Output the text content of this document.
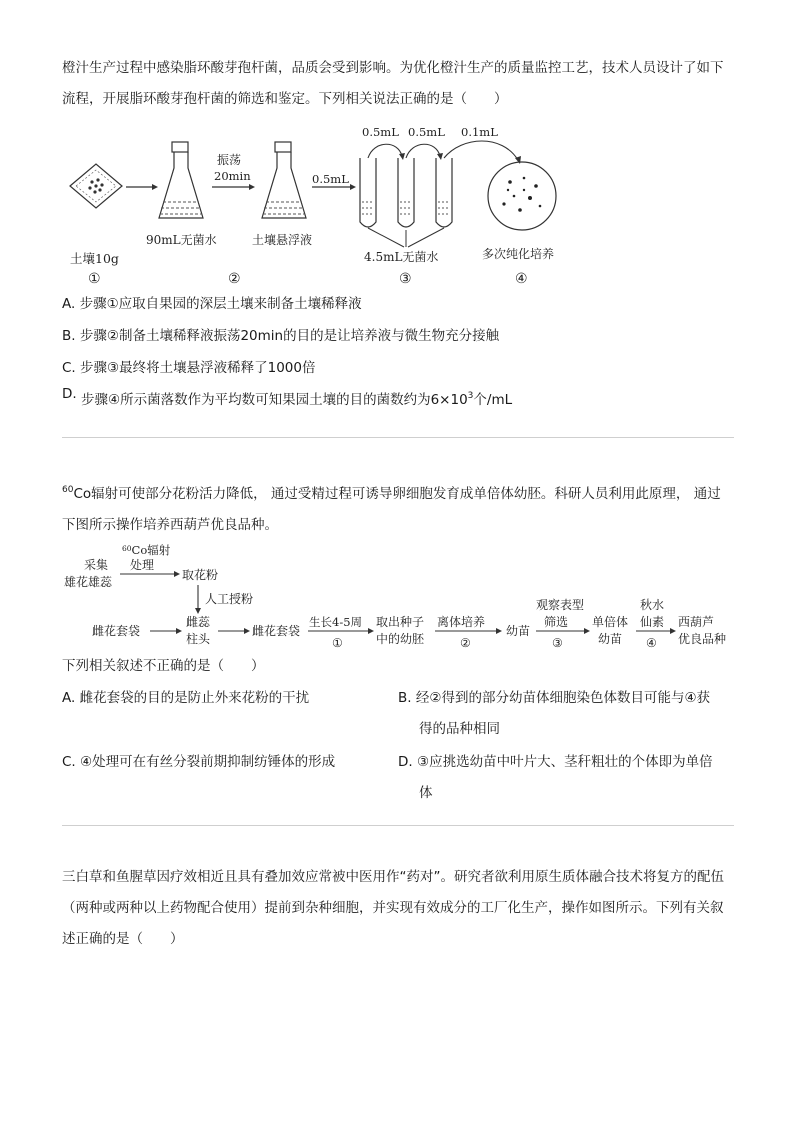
橙汁生产过程中感染脂环酸芽孢杆菌，品质会受到影响。为优化橙汁生产的质量监控工艺，技术人员设计了如下流程，开展脂环酸芽孢杆菌的筛选和鉴定。下列相关说法正确的是（　　）
振荡
20min	0.5mL
0.5mL 0.5mL 0.1mL
90mL无菌水	土壤悬浮液
4.5mL无菌水	多次纯化培养
土壤10g
①	②	③	④
A. 步骤①应取自果园的深层土壤来制备土壤稀释液
B. 步骤②制备土壤稀释液振荡20min的目的是让培养液与微生物充分接触
C. 步骤③最终将土壤悬浮液稀释了1000倍
D. 步骤④所示菌落数作为平均数可知果园土壤的目的菌数约为$6\times 10^3$个/mL
$^{60}$Co辐射可使部分花粉活力降低， 通过受精过程可诱导卵细胞发育成单倍体幼胚。科研人员利用此原理， 通过下图所示操作培养西葫芦优良品种。
采集
雄花雄蕊
$^{60}$Co辐射
处理
取花粉
人工授粉
雌花套袋
雌蕊
柱头
雌花套袋
生长4-5周
①
取出种子
中的幼胚
离体培养
②
幼苗
观察表型
筛选
③
单倍体
幼苗
秋水
仙素
④
西葫芦
优良品种
下列相关叙述不正确的是（　　）
A. 雌花套袋的目的是防止外来花粉的干扰	B. 经②得到的部分幼苗体细胞染色体数目可能与④获
得的品种相同
C. ④处理可在有丝分裂前期抑制纺锤体的形成	D. ③应挑选幼苗中叶片大、茎秆粗壮的个体即为单倍
体
三白草和鱼腥草因疗效相近且具有叠加效应常被中医用作“药对”。研究者欲利用原生质体融合技术将复方的配伍（两种或两种以上药物配合使用）提前到杂种细胞，并实现有效成分的工厂化生产，操作如图所示。下列有关叙述正确的是（　　）
